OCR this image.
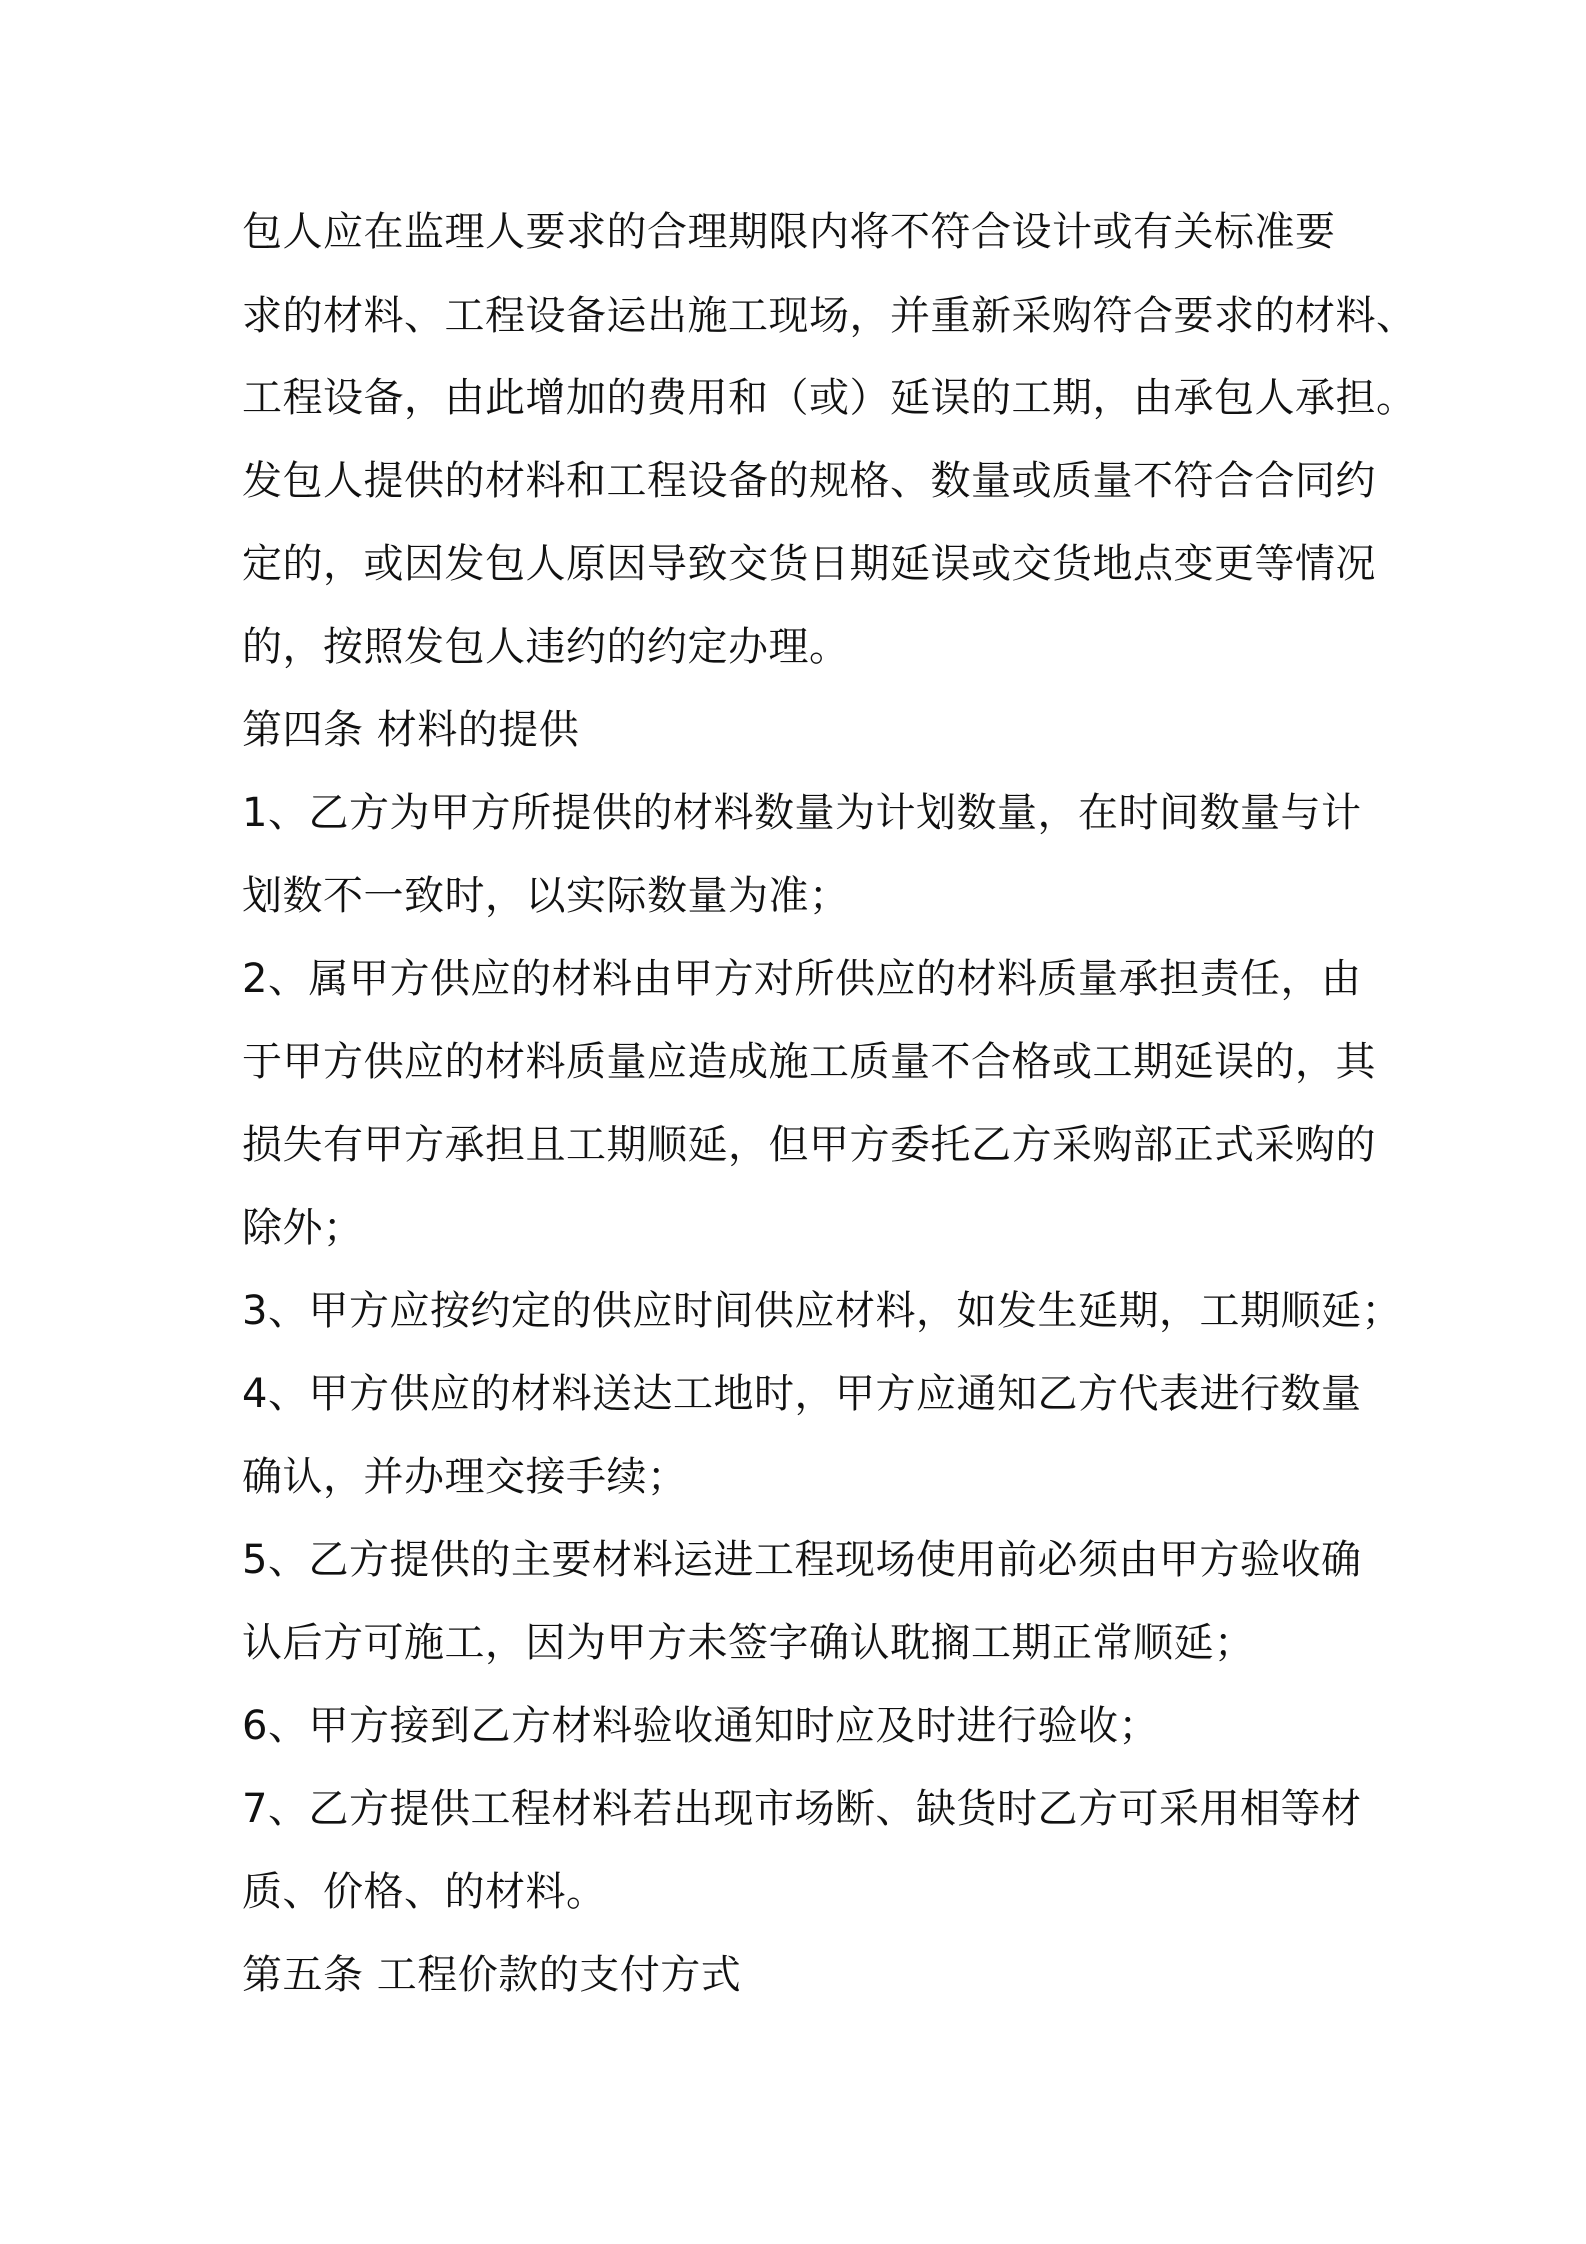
包人应在监理人要求的合理期限内将不符合设计或有关标准要
求的材料、工程设备运出施工现场，并重新采购符合要求的材料、
工程设备，由此增加的费用和（或）延误的工期，由承包人承担。
发包人提供的材料和工程设备的规格、数量或质量不符合合同约
定的，或因发包人原因导致交货日期延误或交货地点变更等情况
的，按照发包人违约的约定办理。
第四条 材料的提供
1、乙方为甲方所提供的材料数量为计划数量，在时间数量与计
划数不一致时，以实际数量为准；
2、属甲方供应的材料由甲方对所供应的材料质量承担责任，由
于甲方供应的材料质量应造成施工质量不合格或工期延误的，其
损失有甲方承担且工期顺延，但甲方委托乙方采购部正式采购的
除外；
3、甲方应按约定的供应时间供应材料，如发生延期，工期顺延；
4、甲方供应的材料送达工地时，甲方应通知乙方代表进行数量
确认，并办理交接手续；
5、乙方提供的主要材料运进工程现场使用前必须由甲方验收确
认后方可施工，因为甲方未签字确认耽搁工期正常顺延；
6、甲方接到乙方材料验收通知时应及时进行验收；
7、乙方提供工程材料若出现市场断、缺货时乙方可采用相等材
质、价格、的材料。
第五条 工程价款的支付方式
